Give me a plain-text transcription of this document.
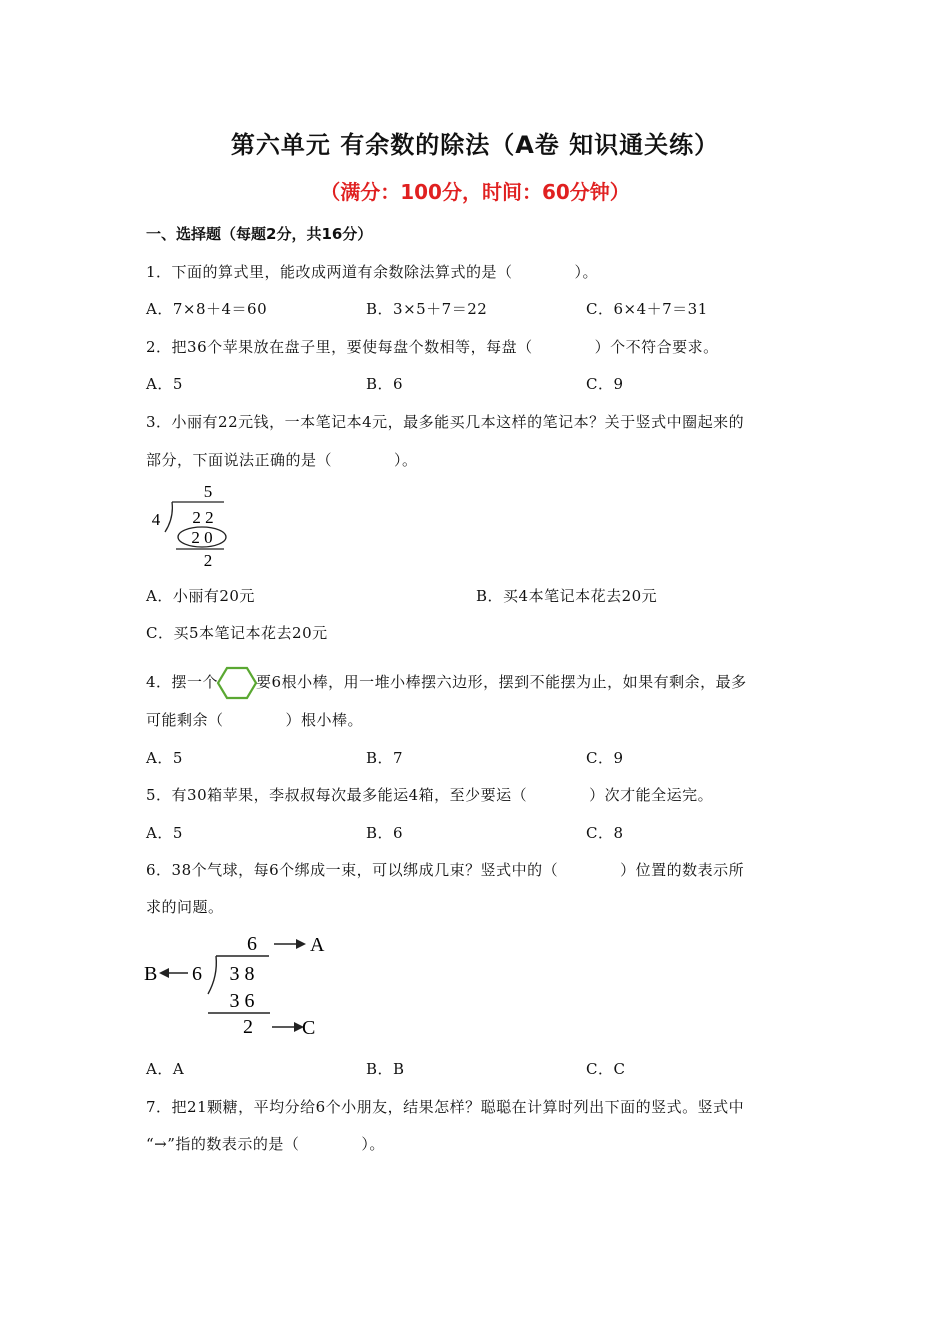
第六单元 有余数的除法（A卷 知识通关练）
（满分：100分，时间：60分钟）
一、选择题（每题2分，共16分）
1．下面的算式里，能改成两道有余数除法算式的是（　　　　）。
A．7×8＋4＝60	B．3×5＋7＝22	C．6×4＋7＝31
2．把36个苹果放在盘子里，要使每盘个数相等，每盘（　　　　）个不符合要求。
A．5	B．6	C．9
3．小丽有22元钱，一本笔记本4元，最多能买几本这样的笔记本？关于竖式中圈起来的
部分，下面说法正确的是（　　　　）。
5
4 2 2
2 0
2
A．小丽有20元	B．买4本笔记本花去20元
C．买5本笔记本花去20元
4．摆一个	要6根小棒，用一堆小棒摆六边形，摆到不能摆为止，如果有剩余，最多
可能剩余（　　　　）根小棒。
A．5	B．7	C．9
5．有30箱苹果，李叔叔每次最多能运4箱，至少要运（　　　　）次才能全运完。
A．5	B．6	C．8
6．38个气球，每6个绑成一束，可以绑成几束？竖式中的（　　　　）位置的数表示所
求的问题。
6	A
B 6 3 8
3 6
2 C
A．A	B．B	C．C
7．把21颗糖，平均分给6个小朋友，结果怎样？聪聪在计算时列出下面的竖式。竖式中
“→”指的数表示的是（　　　　）。
